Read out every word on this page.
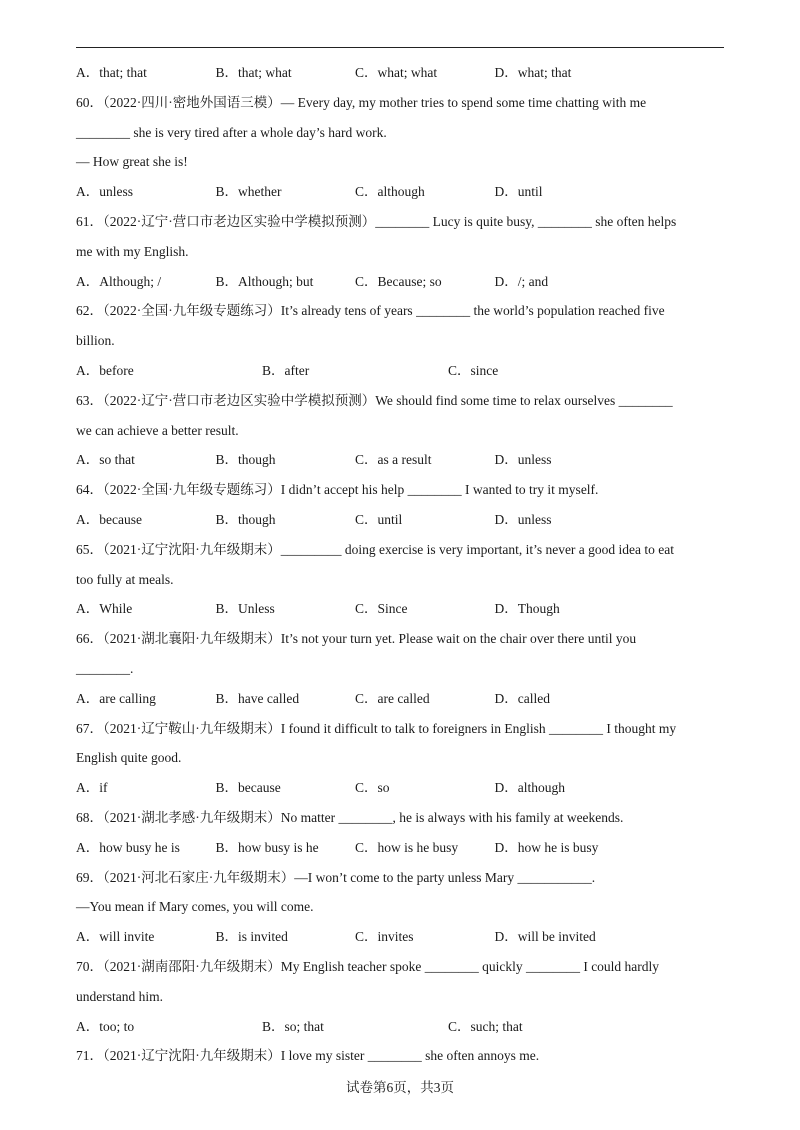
A．that; that	B．that; what	C．what; what	D．what; that
60．（2022·四川·密地外国语三模）— Every day, my mother tries to spend some time chatting with me
________ she is very tired after a whole day’s hard work.
— How great she is!
A．unless	B．whether	C．although	D．until
61．（2022·辽宁·营口市老边区实验中学模拟预测）________ Lucy is quite busy, ________ she often helps
me with my English.
A．Although; /	B．Although; but	C．Because; so	D．/; and
62．（2022·全国·九年级专题练习）It’s already tens of years ________ the world’s population reached five
billion.
A．before	B．after	C．since
63．（2022·辽宁·营口市老边区实验中学模拟预测）We should find some time to relax ourselves ________
we can achieve a better result.
A．so that	B．though	C．as a result	D．unless
64．（2022·全国·九年级专题练习）I didn’t accept his help ________ I wanted to try it myself.
A．because	B．though	C．until	D．unless
65．（2021·辽宁沈阳·九年级期末）_________ doing exercise is very important, it’s never a good idea to eat
too fully at meals.
A．While	B．Unless	C．Since	D．Though
66．（2021·湖北襄阳·九年级期末）It’s not your turn yet. Please wait on the chair over there until you
________.
A．are calling	B．have called	C．are called	D．called
67．（2021·辽宁鞍山·九年级期末）I found it difficult to talk to foreigners in English ________ I thought my
English quite good.
A．if	B．because	C．so	D．although
68．（2021·湖北孝感·九年级期末）No matter ________, he is always with his family at weekends.
A．how busy he is	B．how busy is he	C．how is he busy	D．how he is busy
69．（2021·河北石家庄·九年级期末）—I won’t come to the party unless Mary ___________.
—You mean if Mary comes, you will come.
A．will invite	B．is invited	C．invites	D．will be invited
70．（2021·湖南邵阳·九年级期末）My English teacher spoke ________ quickly ________ I could hardly
understand him.
A．too; to	B．so; that	C．such; that
71．（2021·辽宁沈阳·九年级期末）I love my sister ________ she often annoys me.
试卷第6页，共3页
